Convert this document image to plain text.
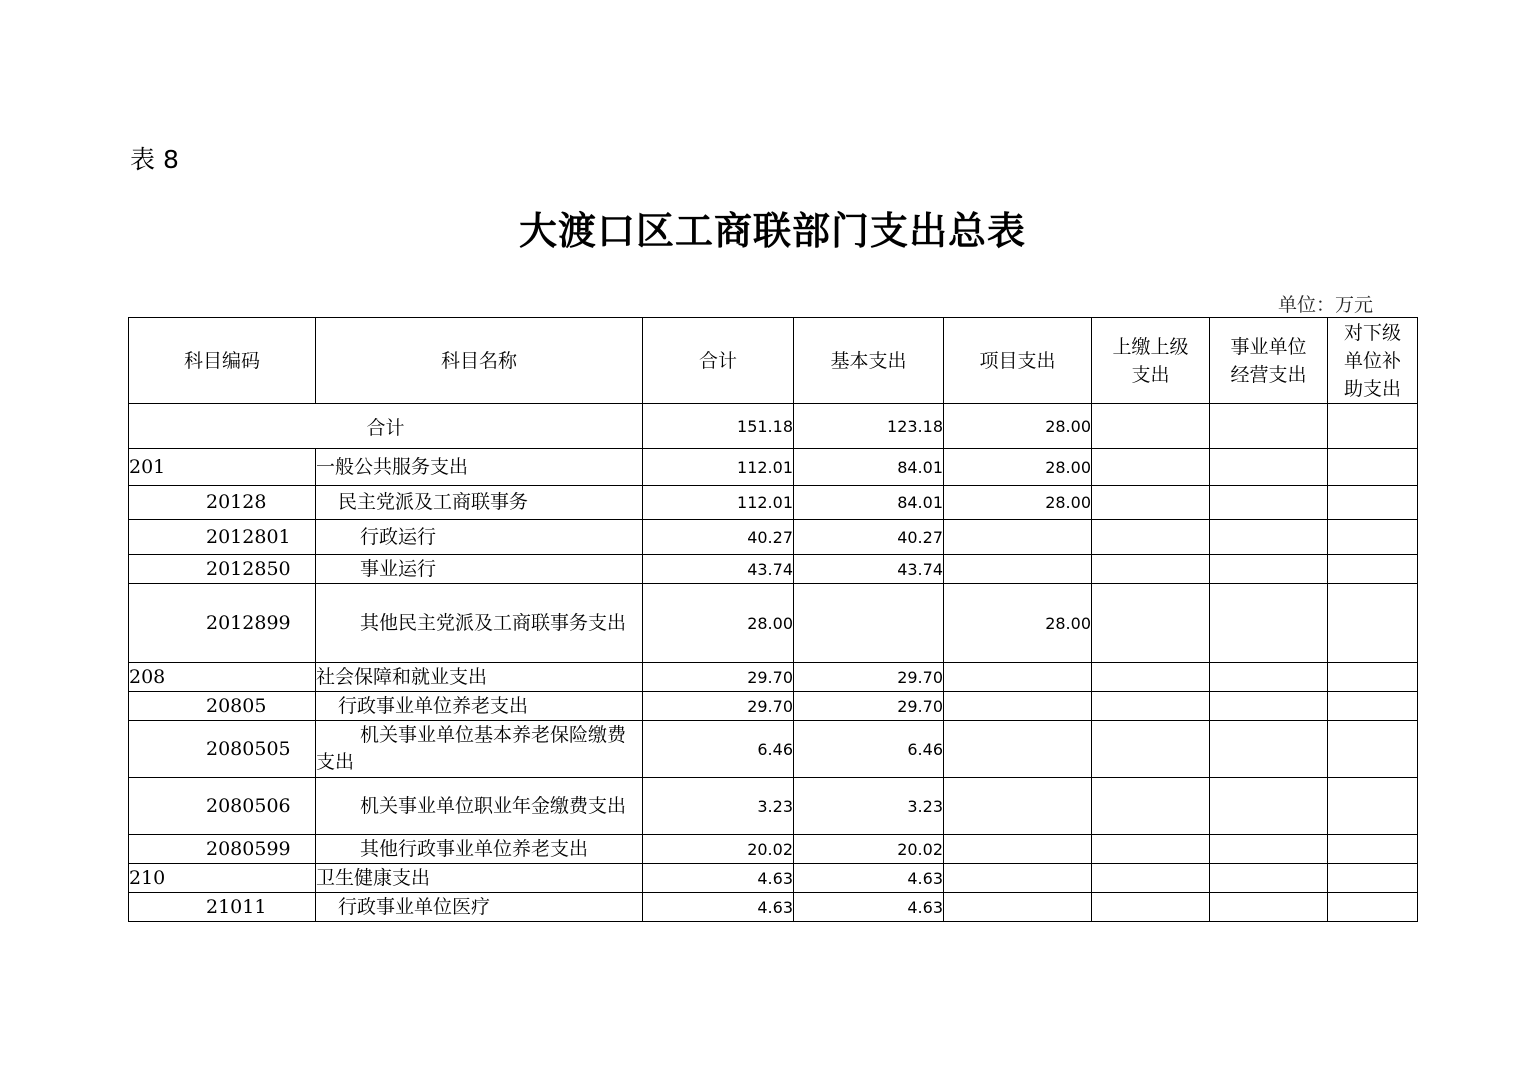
表 8
大渡口区工商联部门支出总表
单位：万元
科目编码	科目名称	合计	基本支出	项目支出	上缴上级支出	事业单位经营支出	对下级单位补助支出
合计		151.18	123.18	28.00			
201	一般公共服务支出	112.01	84.01	28.00			
20128	民主党派及工商联事务	112.01	84.01	28.00			
2012801	行政运行	40.27	40.27				
2012850	事业运行	43.74	43.74				
2012899	其他民主党派及工商联事务支出	28.00		28.00			
208	社会保障和就业支出	29.70	29.70				
20805	行政事业单位养老支出	29.70	29.70				
2080505	机关事业单位基本养老保险缴费支出	6.46	6.46				
2080506	机关事业单位职业年金缴费支出	3.23	3.23				
2080599	其他行政事业单位养老支出	20.02	20.02				
210	卫生健康支出	4.63	4.63				
21011	行政事业单位医疗	4.63	4.63				
